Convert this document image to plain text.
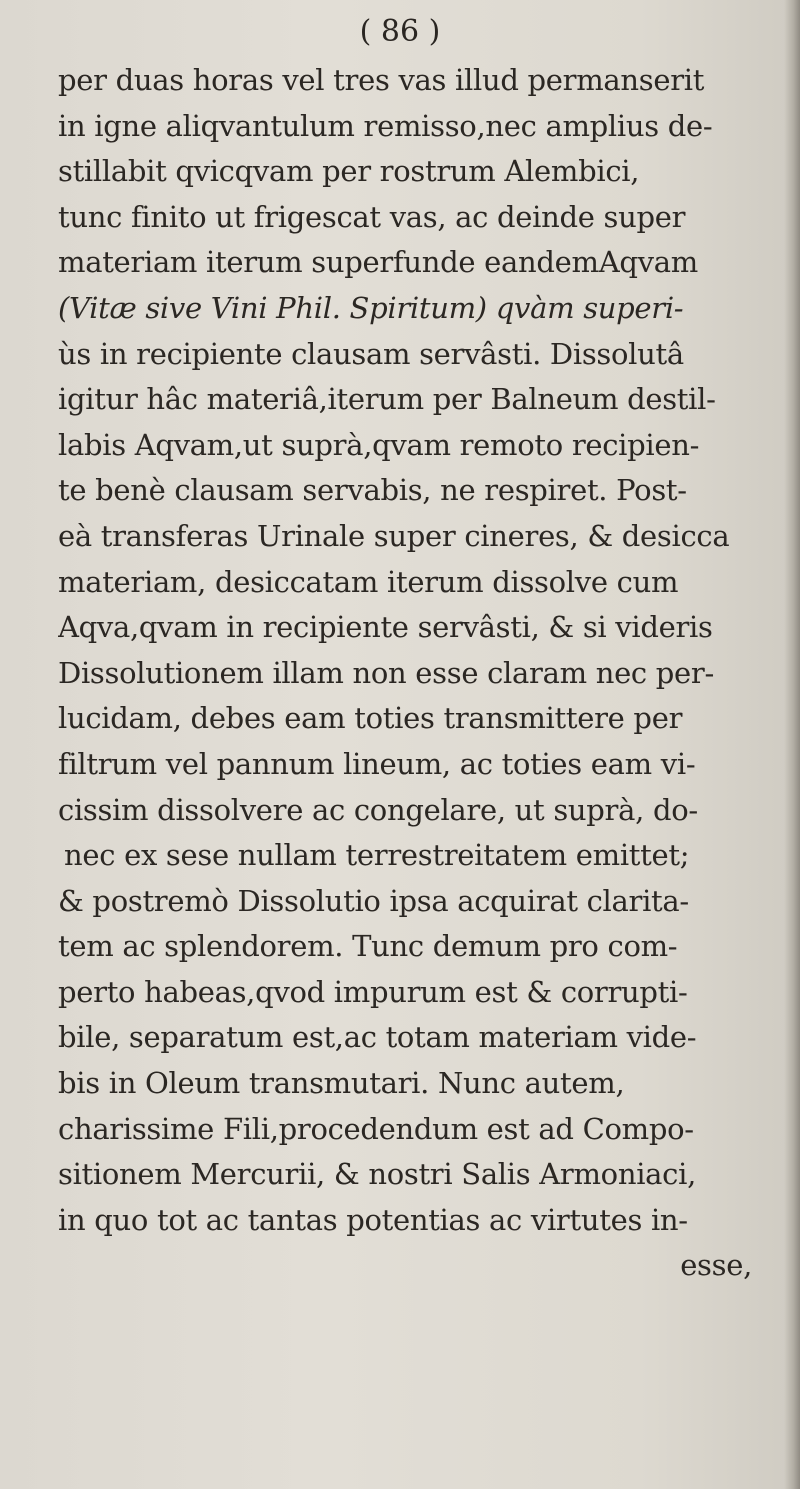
( 86 )
per duas horas vel tres vas illud permanserit
in igne aliqvantulum remisso,nec amplius de-
stillabit qvicqvam per rostrum Alembici,
tunc finito ut frigescat vas, ac deinde super
materiam iterum superfunde eandemAqvam
(Vitæ sive Vini Phil. Spiritum) qvàm superi-
ùs in recipiente clausam servâsti. Dissolutâ
igitur hâc materiâ,iterum per Balneum destil-
labis Aqvam,ut suprà,qvam remoto recipien-
te benè clausam servabis, ne respiret. Post-
eà transferas Urinale super cineres, & desicca
materiam, desiccatam iterum dissolve cum
Aqva,qvam in recipiente servâsti, & si videris
Dissolutionem illam non esse claram nec per-
lucidam, debes eam toties transmittere per
filtrum vel pannum lineum, ac toties eam vi-
cissim dissolvere ac congelare, ut suprà, do-
nec ex sese nullam terrestreitatem emittet;
& postremò Dissolutio ipsa acquirat clarita-
tem ac splendorem. Tunc demum pro com-
perto habeas,qvod impurum est & corrupti-
bile, separatum est,ac totam materiam vide-
bis in Oleum transmutari. Nunc autem,
charissime Fili,procedendum est ad Compo-
sitionem Mercurii, & nostri Salis Armoniaci,
in quo tot ac tantas potentias ac virtutes in-
esse,
